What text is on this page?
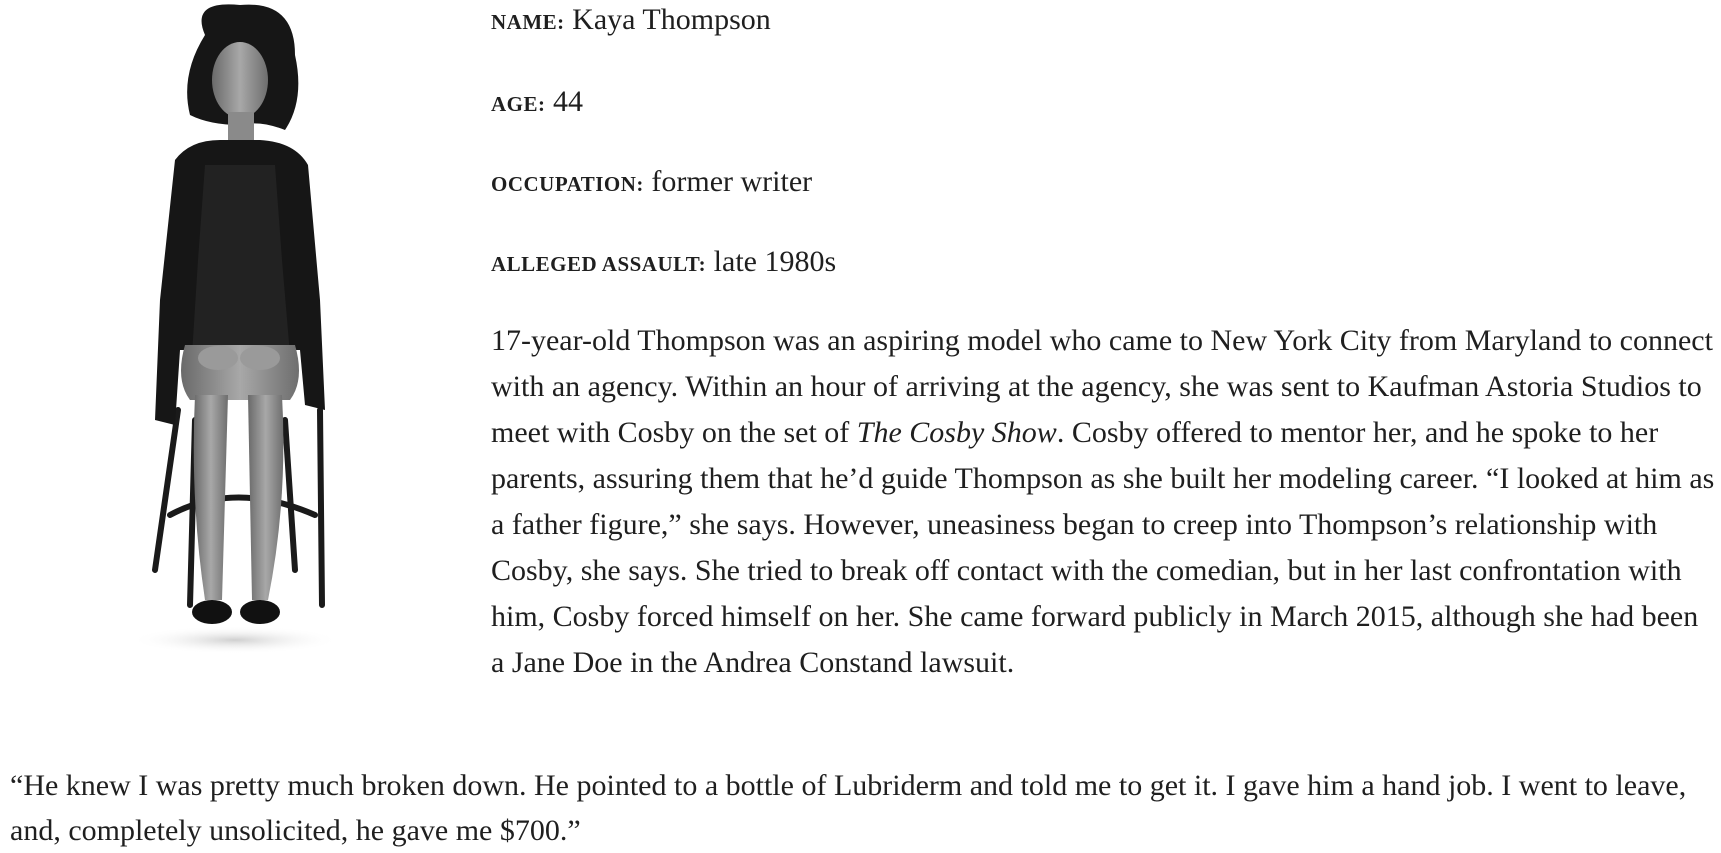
NAME: Kaya Thompson

AGE: 44

OCCUPATION: former writer

ALLEGED ASSAULT: late 1980s

17-year-old Thompson was an aspiring model who came to New York City from Maryland to connect with an agency. Within an hour of arriving at the agency, she was sent to Kaufman Astoria Studios to meet with Cosby on the set of The Cosby Show. Cosby offered to mentor her, and he spoke to her parents, assuring them that he’d guide Thompson as she built her modeling career. “I looked at him as a father figure,” she says. However, uneasiness began to creep into Thompson’s relationship with Cosby, she says. She tried to break off contact with the comedian, but in her last confrontation with him, Cosby forced himself on her. She came forward publicly in March 2015, although she had been a Jane Doe in the Andrea Constand lawsuit.

“He knew I was pretty much broken down. He pointed to a bottle of Lubriderm and told me to get it. I gave him a hand job. I went to leave, and, completely unsolicited, he gave me $700.”
